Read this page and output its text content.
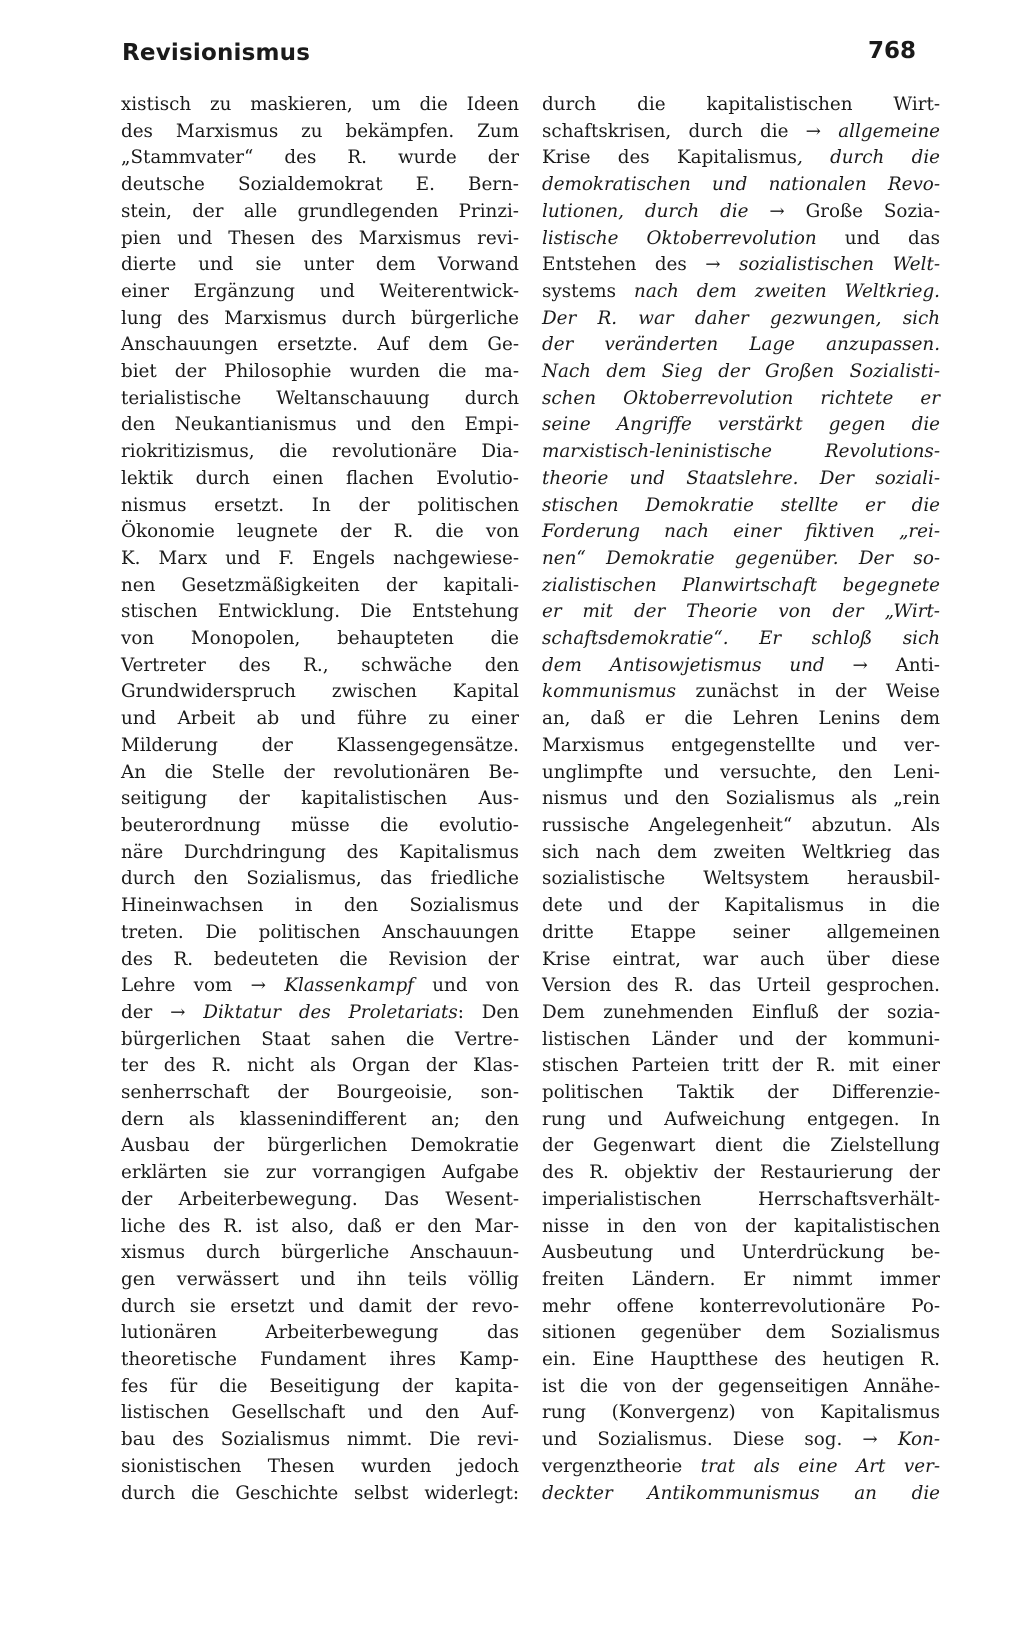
Revisionismus	768
xistisch zu maskieren, um die Ideen
des Marxismus zu bekämpfen. Zum
„Stammvater“ des R. wurde der
deutsche Sozialdemokrat E. Bern-
stein, der alle grundlegenden Prinzi-
pien und Thesen des Marxismus revi-
dierte und sie unter dem Vorwand
einer Ergänzung und Weiterentwick-
lung des Marxismus durch bürgerliche
Anschauungen ersetzte. Auf dem Ge-
biet der Philosophie wurden die ma-
terialistische Weltanschauung durch
den Neukantianismus und den Empi-
riokritizismus, die revolutionäre Dia-
lektik durch einen flachen Evolutio-
nismus ersetzt. In der politischen
Ökonomie leugnete der R. die von
K. Marx und F. Engels nachgewiese-
nen Gesetzmäßigkeiten der kapitali-
stischen Entwicklung. Die Entstehung
von Monopolen, behaupteten die
Vertreter des R., schwäche den
Grundwiderspruch zwischen Kapital
und Arbeit ab und führe zu einer
Milderung der Klassengegensätze.
An die Stelle der revolutionären Be-
seitigung der kapitalistischen Aus-
beuterordnung müsse die evolutio-
näre Durchdringung des Kapitalismus
durch den Sozialismus, das friedliche
Hineinwachsen in den Sozialismus
treten. Die politischen Anschauungen
des R. bedeuteten die Revision der
Lehre vom → Klassenkampf und von
der → Diktatur des Proletariats: Den
bürgerlichen Staat sahen die Vertre-
ter des R. nicht als Organ der Klas-
senherrschaft der Bourgeoisie, son-
dern als klassenindifferent an; den
Ausbau der bürgerlichen Demokratie
erklärten sie zur vorrangigen Aufgabe
der Arbeiterbewegung. Das Wesent-
liche des R. ist also, daß er den Mar-
xismus durch bürgerliche Anschauun-
gen verwässert und ihn teils völlig
durch sie ersetzt und damit der revo-
lutionären Arbeiterbewegung das
theoretische Fundament ihres Kamp-
fes für die Beseitigung der kapita-
listischen Gesellschaft und den Auf-
bau des Sozialismus nimmt. Die revi-
sionistischen Thesen wurden jedoch
durch die Geschichte selbst widerlegt:
durch die kapitalistischen Wirt-
schaftskrisen, durch die → allgemeine
Krise des Kapitalismus, durch die
demokratischen und nationalen Revo-
lutionen, durch die → Große Sozia-
listische Oktoberrevolution und das
Entstehen des → sozialistischen Welt-
systems nach dem zweiten Weltkrieg.
Der R. war daher gezwungen, sich
der veränderten Lage anzupassen.
Nach dem Sieg der Großen Sozialisti-
schen Oktoberrevolution richtete er
seine Angriffe verstärkt gegen die
marxistisch-leninistische Revolutions-
theorie und Staatslehre. Der soziali-
stischen Demokratie stellte er die
Forderung nach einer fiktiven „rei-
nen“ Demokratie gegenüber. Der so-
zialistischen Planwirtschaft begegnete
er mit der Theorie von der „Wirt-
schaftsdemokratie“. Er schloß sich
dem Antisowjetismus und → Anti-
kommunismus zunächst in der Weise
an, daß er die Lehren Lenins dem
Marxismus entgegenstellte und ver-
unglimpfte und versuchte, den Leni-
nismus und den Sozialismus als „rein
russische Angelegenheit“ abzutun. Als
sich nach dem zweiten Weltkrieg das
sozialistische Weltsystem herausbil-
dete und der Kapitalismus in die
dritte Etappe seiner allgemeinen
Krise eintrat, war auch über diese
Version des R. das Urteil gesprochen.
Dem zunehmenden Einfluß der sozia-
listischen Länder und der kommuni-
stischen Parteien tritt der R. mit einer
politischen Taktik der Differenzie-
rung und Aufweichung entgegen. In
der Gegenwart dient die Zielstellung
des R. objektiv der Restaurierung der
imperialistischen Herrschaftsverhält-
nisse in den von der kapitalistischen
Ausbeutung und Unterdrückung be-
freiten Ländern. Er nimmt immer
mehr offene konterrevolutionäre Po-
sitionen gegenüber dem Sozialismus
ein. Eine Hauptthese des heutigen R.
ist die von der gegenseitigen Annähe-
rung (Konvergenz) von Kapitalismus
und Sozialismus. Diese sog. → Kon-
vergenztheorie trat als eine Art ver-
deckter Antikommunismus an die
